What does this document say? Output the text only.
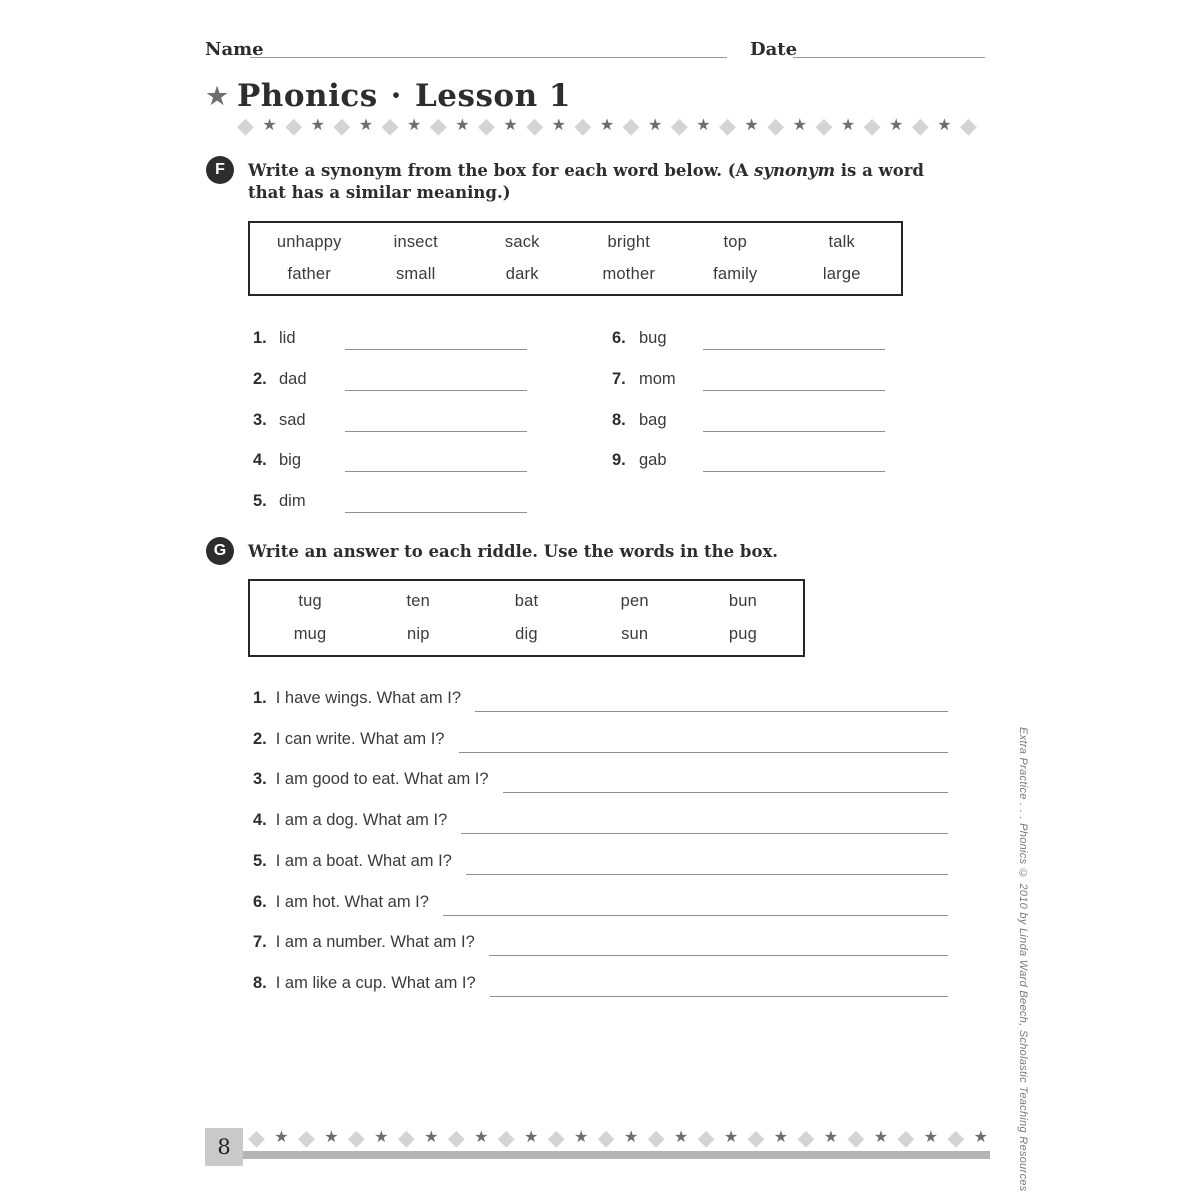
Name	Date
★ Phonics · Lesson 1
◆ ★ ◆ ★ ◆ ★ ◆ ★ ◆ ★ ◆ ★ ◆ ★ ◆ ★ ◆ ★ ◆ ★ ◆ ★ ◆ ★ ◆ ★ ◆ ★ ◆ ★ ◆
F	Write a synonym from the box for each word below. (A synonym is a word that has a similar meaning.)
unhappy	insect	sack	bright	top	talk
father	small	dark	mother	family	large
1. lid
2. dad
3. sad
4. big
5. dim
6. bug
7. mom
8. bag
9. gab
G	Write an answer to each riddle. Use the words in the box.
tug	ten	bat	pen	bun
mug	nip	dig	sun	pug
1. I have wings. What am I?
2. I can write. What am I?
3. I am good to eat. What am I?
4. I am a dog. What am I?
5. I am a boat. What am I?
6. I am hot. What am I?
7. I am a number. What am I?
8. I am like a cup. What am I?	Extra Practice . . . Phonics © 2010 by Linda Ward Beech, Scholastic Teaching Resources
8 ◆ ★ ◆ ★ ◆ ★ ◆ ★ ◆ ★ ◆ ★ ◆ ★ ◆ ★ ◆ ★ ◆ ★ ◆ ★ ◆ ★ ◆ ★ ◆ ★ ◆ ★
